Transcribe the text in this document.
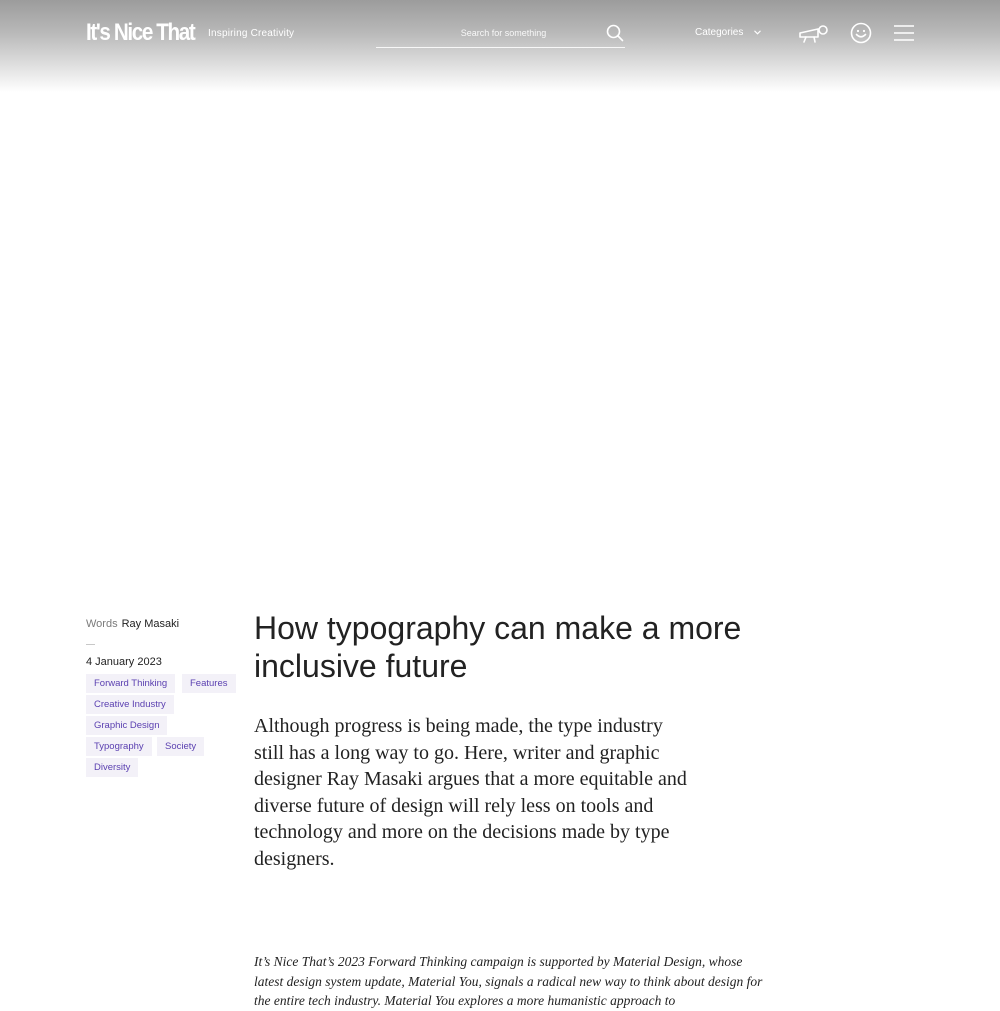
It's Nice That Inspiring Creativity
Search for something	Categories
Words Ray Masaki
4 January 2023
Forward Thinking	Features
Creative Industry
Graphic Design
Typography	Society
Diversity
How typography can make a more inclusive future

Although progress is being made, the type industry still has a long way to go. Here, writer and graphic designer Ray Masaki argues that a more equitable and diverse future of design will rely less on tools and technology and more on the decisions made by type designers.

It’s Nice That’s 2023 Forward Thinking campaign is supported by Material Design, whose latest design system update, Material You, signals a radical new way to think about design for the entire tech industry. Material You explores a more humanistic approach to
